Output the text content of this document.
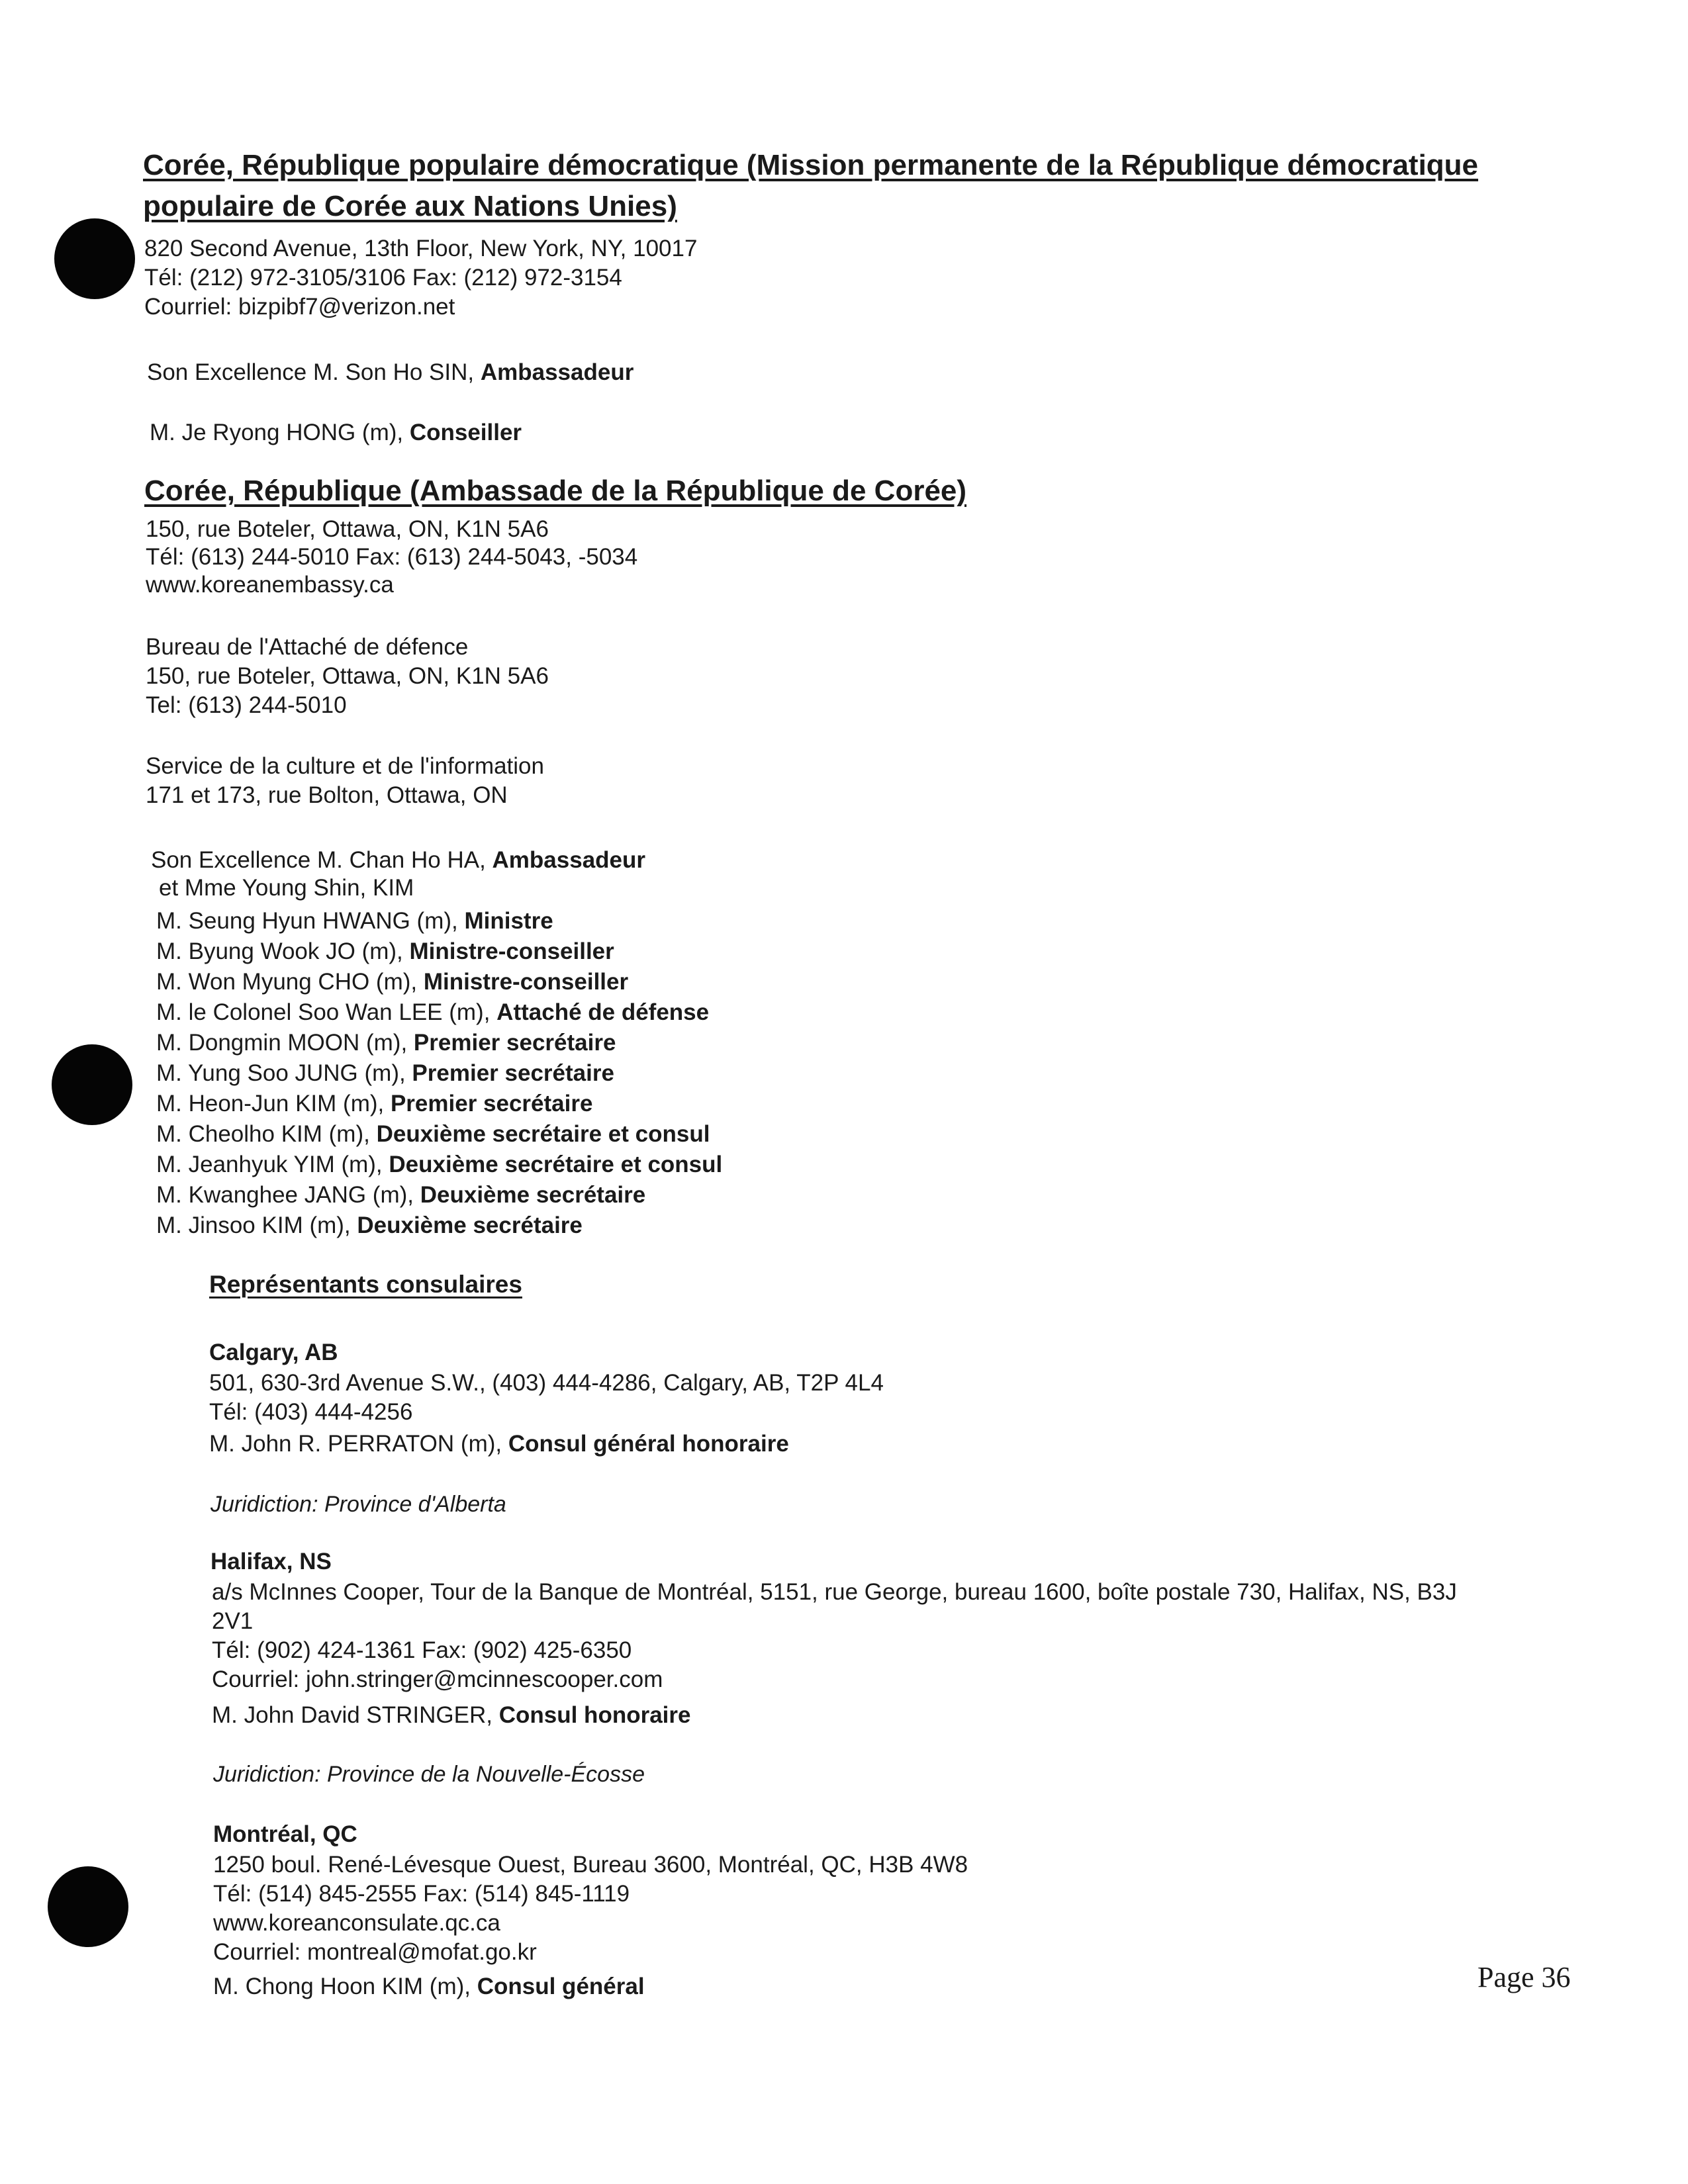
Corée, République populaire démocratique (Mission permanente de la République démocratique
populaire de Corée aux Nations Unies)
820 Second Avenue, 13th Floor, New York, NY, 10017
Tél: (212) 972-3105/3106 Fax: (212) 972-3154
Courriel: bizpibf7@verizon.net
Son Excellence M. Son Ho SIN, Ambassadeur
M. Je Ryong HONG (m), Conseiller
Corée, République (Ambassade de la République de Corée)
150, rue Boteler, Ottawa, ON, K1N 5A6
Tél: (613) 244-5010 Fax: (613) 244-5043, -5034
www.koreanembassy.ca
Bureau de l'Attaché de défence
150, rue Boteler, Ottawa, ON, K1N 5A6
Tel: (613) 244-5010
Service de la culture et de l'information
171 et 173, rue Bolton, Ottawa, ON
Son Excellence M. Chan Ho HA, Ambassadeur
et Mme Young Shin, KIM
M. Seung Hyun HWANG (m), Ministre
M. Byung Wook JO (m), Ministre-conseiller
M. Won Myung CHO (m), Ministre-conseiller
M. le Colonel Soo Wan LEE (m), Attaché de défense
M. Dongmin MOON (m), Premier secrétaire
M. Yung Soo JUNG (m), Premier secrétaire
M. Heon-Jun KIM (m), Premier secrétaire
M. Cheolho KIM (m), Deuxième secrétaire et consul
M. Jeanhyuk YIM (m), Deuxième secrétaire et consul
M. Kwanghee JANG (m), Deuxième secrétaire
M. Jinsoo KIM (m), Deuxième secrétaire
Représentants consulaires
Calgary, AB
501, 630-3rd Avenue S.W., (403) 444-4286, Calgary, AB, T2P 4L4
Tél: (403) 444-4256
M. John R. PERRATON (m), Consul général honoraire
Juridiction: Province d'Alberta
Halifax, NS
a/s McInnes Cooper, Tour de la Banque de Montréal, 5151, rue George, bureau 1600, boîte postale 730, Halifax, NS, B3J
2V1
Tél: (902) 424-1361 Fax: (902) 425-6350
Courriel: john.stringer@mcinnescooper.com
M. John David STRINGER, Consul honoraire
Juridiction: Province de la Nouvelle-Écosse
Montréal, QC
1250 boul. René-Lévesque Ouest, Bureau 3600, Montréal, QC, H3B 4W8
Tél: (514) 845-2555 Fax: (514) 845-1119
www.koreanconsulate.qc.ca
Courriel: montreal@mofat.go.kr
M. Chong Hoon KIM (m), Consul général	Page 36
